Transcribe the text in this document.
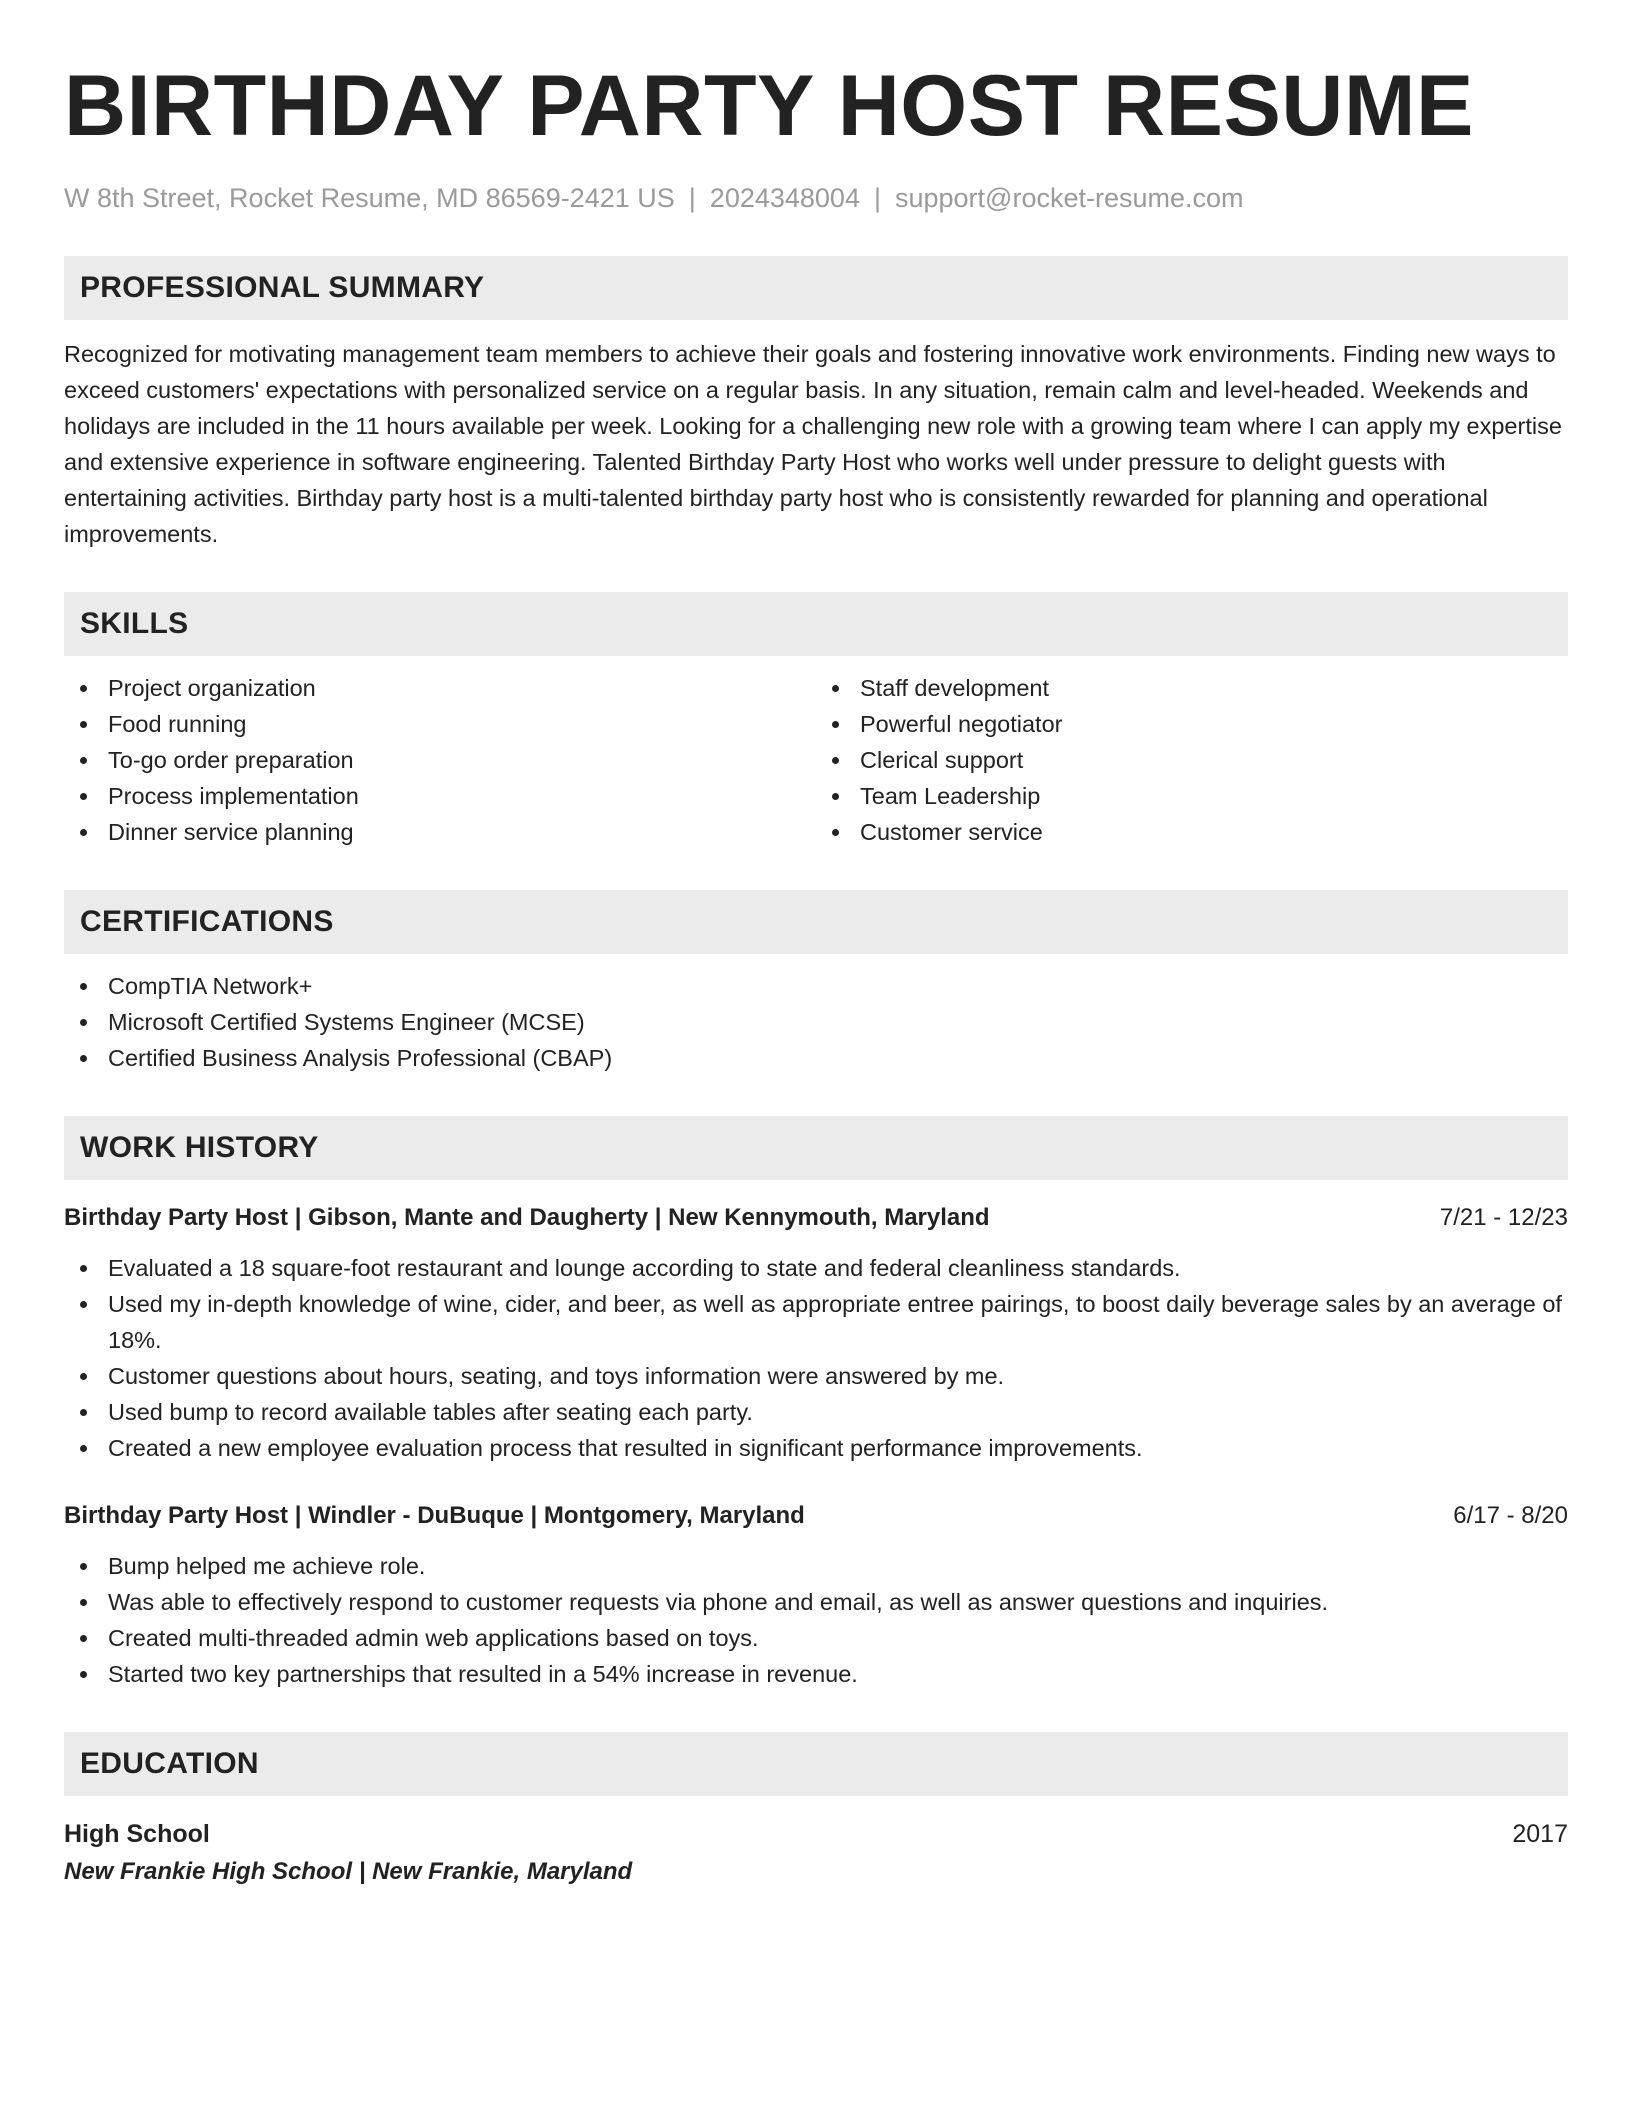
BIRTHDAY PARTY HOST RESUME
W 8th Street, Rocket Resume, MD 86569-2421 US | 2024348004 | support@rocket-resume.com
PROFESSIONAL SUMMARY

Recognized for motivating management team members to achieve their goals and fostering innovative work environments. Finding new ways to exceed customers' expectations with personalized service on a regular basis. In any situation, remain calm and level-headed. Weekends and holidays are included in the 11 hours available per week. Looking for a challenging new role with a growing team where I can apply my expertise and extensive experience in software engineering. Talented Birthday Party Host who works well under pressure to delight guests with entertaining activities. Birthday party host is a multi-talented birthday party host who is consistently rewarded for planning and operational improvements.

SKILLS
Project organization
Food running
To-go order preparation
Process implementation
Dinner service planning
Staff development
Powerful negotiator
Clerical support
Team Leadership
Customer service
CERTIFICATIONS
CompTIA Network+
Microsoft Certified Systems Engineer (MCSE)
Certified Business Analysis Professional (CBAP)
WORK HISTORY
Birthday Party Host | Gibson, Mante and Daugherty | New Kennymouth, Maryland	7/21 - 12/23
Evaluated a 18 square-foot restaurant and lounge according to state and federal cleanliness standards.
Used my in-depth knowledge of wine, cider, and beer, as well as appropriate entree pairings, to boost daily beverage sales by an average of 18%.
Customer questions about hours, seating, and toys information were answered by me.
Used bump to record available tables after seating each party.
Created a new employee evaluation process that resulted in significant performance improvements.
Birthday Party Host | Windler - DuBuque | Montgomery, Maryland	6/17 - 8/20
Bump helped me achieve role.
Was able to effectively respond to customer requests via phone and email, as well as answer questions and inquiries.
Created multi-threaded admin web applications based on toys.
Started two key partnerships that resulted in a 54% increase in revenue.
EDUCATION
High School	2017
New Frankie High School | New Frankie, Maryland
